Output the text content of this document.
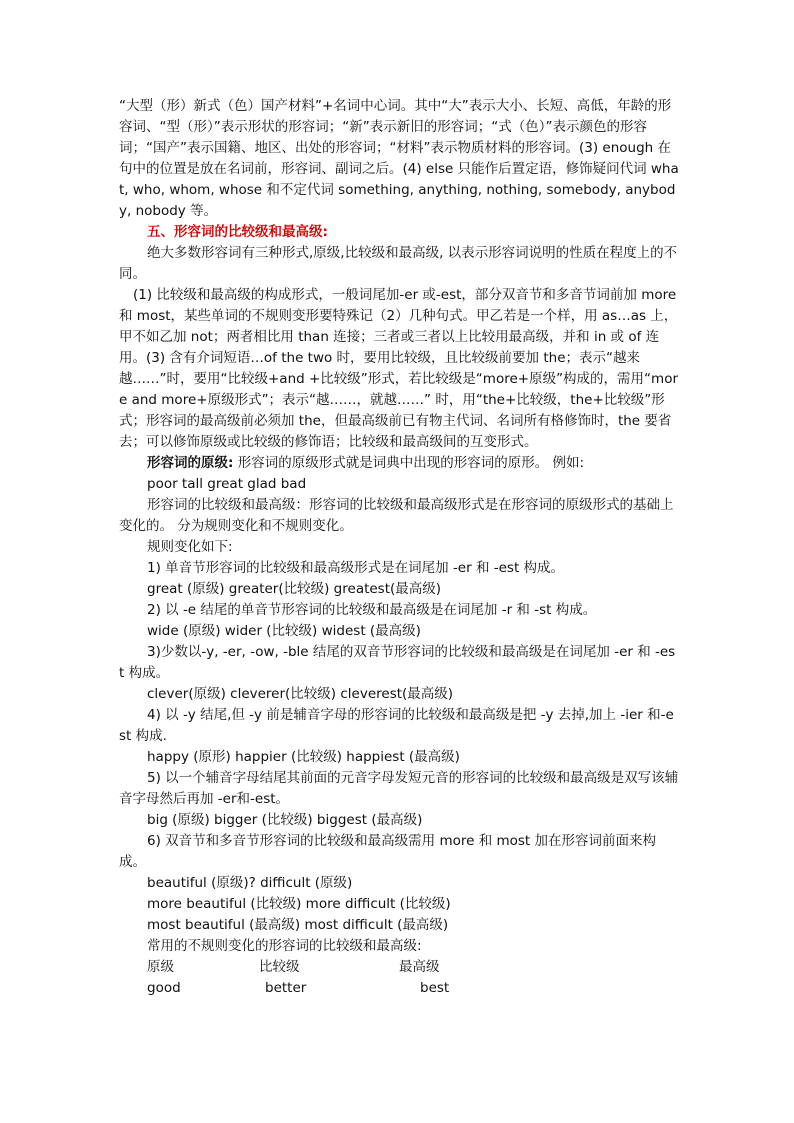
“大型（形）新式（色）国产材料”+名词中心词。其中“大”表示大小、长短、高低，年龄的形容词、“型（形）”表示形状的形容词；“新”表示新旧的形容词；“式（色）”表示颜色的形容词；“国产”表示国籍、地区、出处的形容词；“材料”表示物质材料的形容词。(3) enough 在句中的位置是放在名词前，形容词、副词之后。(4) else 只能作后置定语，修饰疑问代词 what, who, whom, whose 和不定代词 something, anything, nothing, somebody, anybody, nobody 等。

五、形容词的比较级和最高级:

绝大多数形容词有三种形式,原级,比较级和最高级, 以表示形容词说明的性质在程度上的不同。

(1) 比较级和最高级的构成形式，一般词尾加-er 或-est，部分双音节和多音节词前加 more 和 most，某些单词的不规则变形要特殊记（2）几种句式。甲乙若是一个样，用 as…as 上，甲不如乙加 not；两者相比用 than 连接；三者或三者以上比较用最高级，并和 in 或 of 连用。(3) 含有介词短语…of the two 时，要用比较级，且比较级前要加 the；表示“越来越……”时，要用“比较级+and +比较级”形式，若比较级是“more+原级”构成的，需用“more and more+原级形式”；表示“越……，就越……” 时，用“the+比较级，the+比较级”形式；形容词的最高级前必须加 the，但最高级前已有物主代词、名词所有格修饰时，the 要省去；可以修饰原级或比较级的修饰语；比较级和最高级间的互变形式。

形容词的原级: 形容词的原级形式就是词典中出现的形容词的原形。 例如:

poor tall great glad bad

形容词的比较级和最高级：形容词的比较级和最高级形式是在形容词的原级形式的基础上变化的。 分为规则变化和不规则变化。

规则变化如下:

1) 单音节形容词的比较级和最高级形式是在词尾加 -er 和 -est 构成。

great (原级) greater(比较级) greatest(最高级)

2) 以 -e 结尾的单音节形容词的比较级和最高级是在词尾加 -r 和 -st 构成。

wide (原级) wider (比较级) widest (最高级)

3)少数以-y, -er, -ow, -ble 结尾的双音节形容词的比较级和最高级是在词尾加 -er 和 -est 构成。

clever(原级) cleverer(比较级) cleverest(最高级)

4) 以 -y 结尾,但 -y 前是辅音字母的形容词的比较级和最高级是把 -y 去掉,加上 -ier 和-est 构成.

happy (原形) happier (比较级) happiest (最高级)

5) 以一个辅音字母结尾其前面的元音字母发短元音的形容词的比较级和最高级是双写该辅音字母然后再加 -er和-est。

big (原级) bigger (比较级) biggest (最高级)

6) 双音节和多音节形容词的比较级和最高级需用 more 和 most 加在形容词前面来构成。

beautiful (原级)? difficult (原级)

more beautiful (比较级) more difficult (比较级)

most beautiful (最高级) most difficult (最高级)

常用的不规则变化的形容词的比较级和最高级:

原级	比较级	最高级
good	better	best
